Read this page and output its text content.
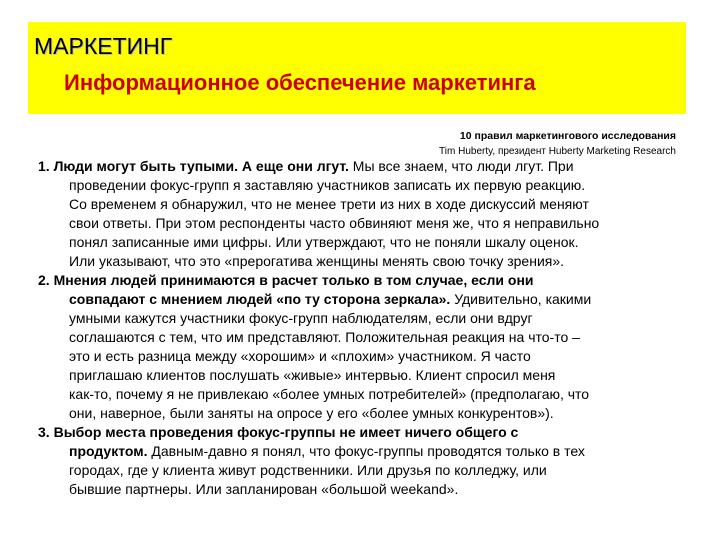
МАРКЕТИНГ
Информационное обеспечение маркетинга
10 правил маркетингового исследования
Tim Huberty, президент Huberty Marketing Research
1. Люди могут быть тупыми. А еще они лгут. Мы все знаем, что люди лгут. При
проведении фокус-групп я заставляю участников записать их первую реакцию.
Со временем я обнаружил, что не менее трети из них в ходе дискуссий меняют
свои ответы. При этом респонденты часто обвиняют меня же, что я неправильно
понял записанные ими цифры. Или утверждают, что не поняли шкалу оценок.
Или указывают, что это «прерогатива женщины менять свою точку зрения».
2. Мнения людей принимаются в расчет только в том случае, если они
совпадают с мнением людей «по ту сторона зеркала». Удивительно, какими
умными кажутся участники фокус-групп наблюдателям, если они вдруг
соглашаются с тем, что им представляют. Положительная реакция на что-то –
это и есть разница между «хорошим» и «плохим» участником. Я часто
приглашаю клиентов послушать «живые» интервью. Клиент спросил меня
как-то, почему я не привлекаю «более умных потребителей» (предполагаю, что
они, наверное, были заняты на опросе у его «более умных конкурентов»).
3. Выбор места проведения фокус-группы не имеет ничего общего с
продуктом. Давным-давно я понял, что фокус-группы проводятся только в тех
городах, где у клиента живут родственники. Или друзья по колледжу, или
бывшие партнеры. Или запланирован «большой weekand».
